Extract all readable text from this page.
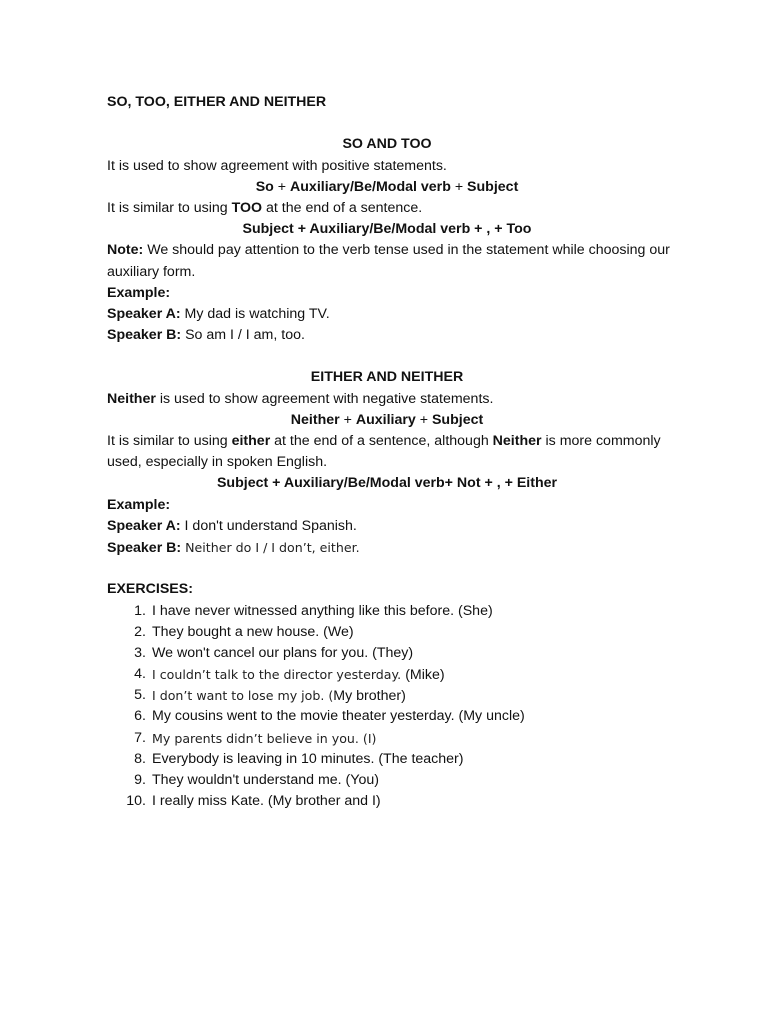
SO, TOO, EITHER AND NEITHER
SO AND TOO
It is used to show agreement with positive statements.
So + Auxiliary/Be/Modal verb + Subject
It is similar to using TOO at the end of a sentence.
Subject + Auxiliary/Be/Modal verb + , + Too
Note: We should pay attention to the verb tense used in the statement while choosing our
auxiliary form.
Example:
Speaker A: My dad is watching TV.
Speaker B: So am I / I am, too.
EITHER AND NEITHER
Neither is used to show agreement with negative statements.
Neither + Auxiliary + Subject
It is similar to using either at the end of a sentence, although Neither is more commonly
used, especially in spoken English.
Subject + Auxiliary/Be/Modal verb+ Not + , + Either
Example:
Speaker A: I don't understand Spanish.
Speaker B: Neither do I / I don’t, either.
EXERCISES:
1. I have never witnessed anything like this before. (She)
2. They bought a new house. (We)
3. We won't cancel our plans for you. (They)
4. I couldn’t talk to the director yesterday. (Mike)
5. I don’t want to lose my job. (My brother)
6. My cousins went to the movie theater yesterday. (My uncle)
7. My parents didn’t believe in you. (I)
8. Everybody is leaving in 10 minutes. (The teacher)
9. They wouldn't understand me. (You)
10. I really miss Kate. (My brother and I)
